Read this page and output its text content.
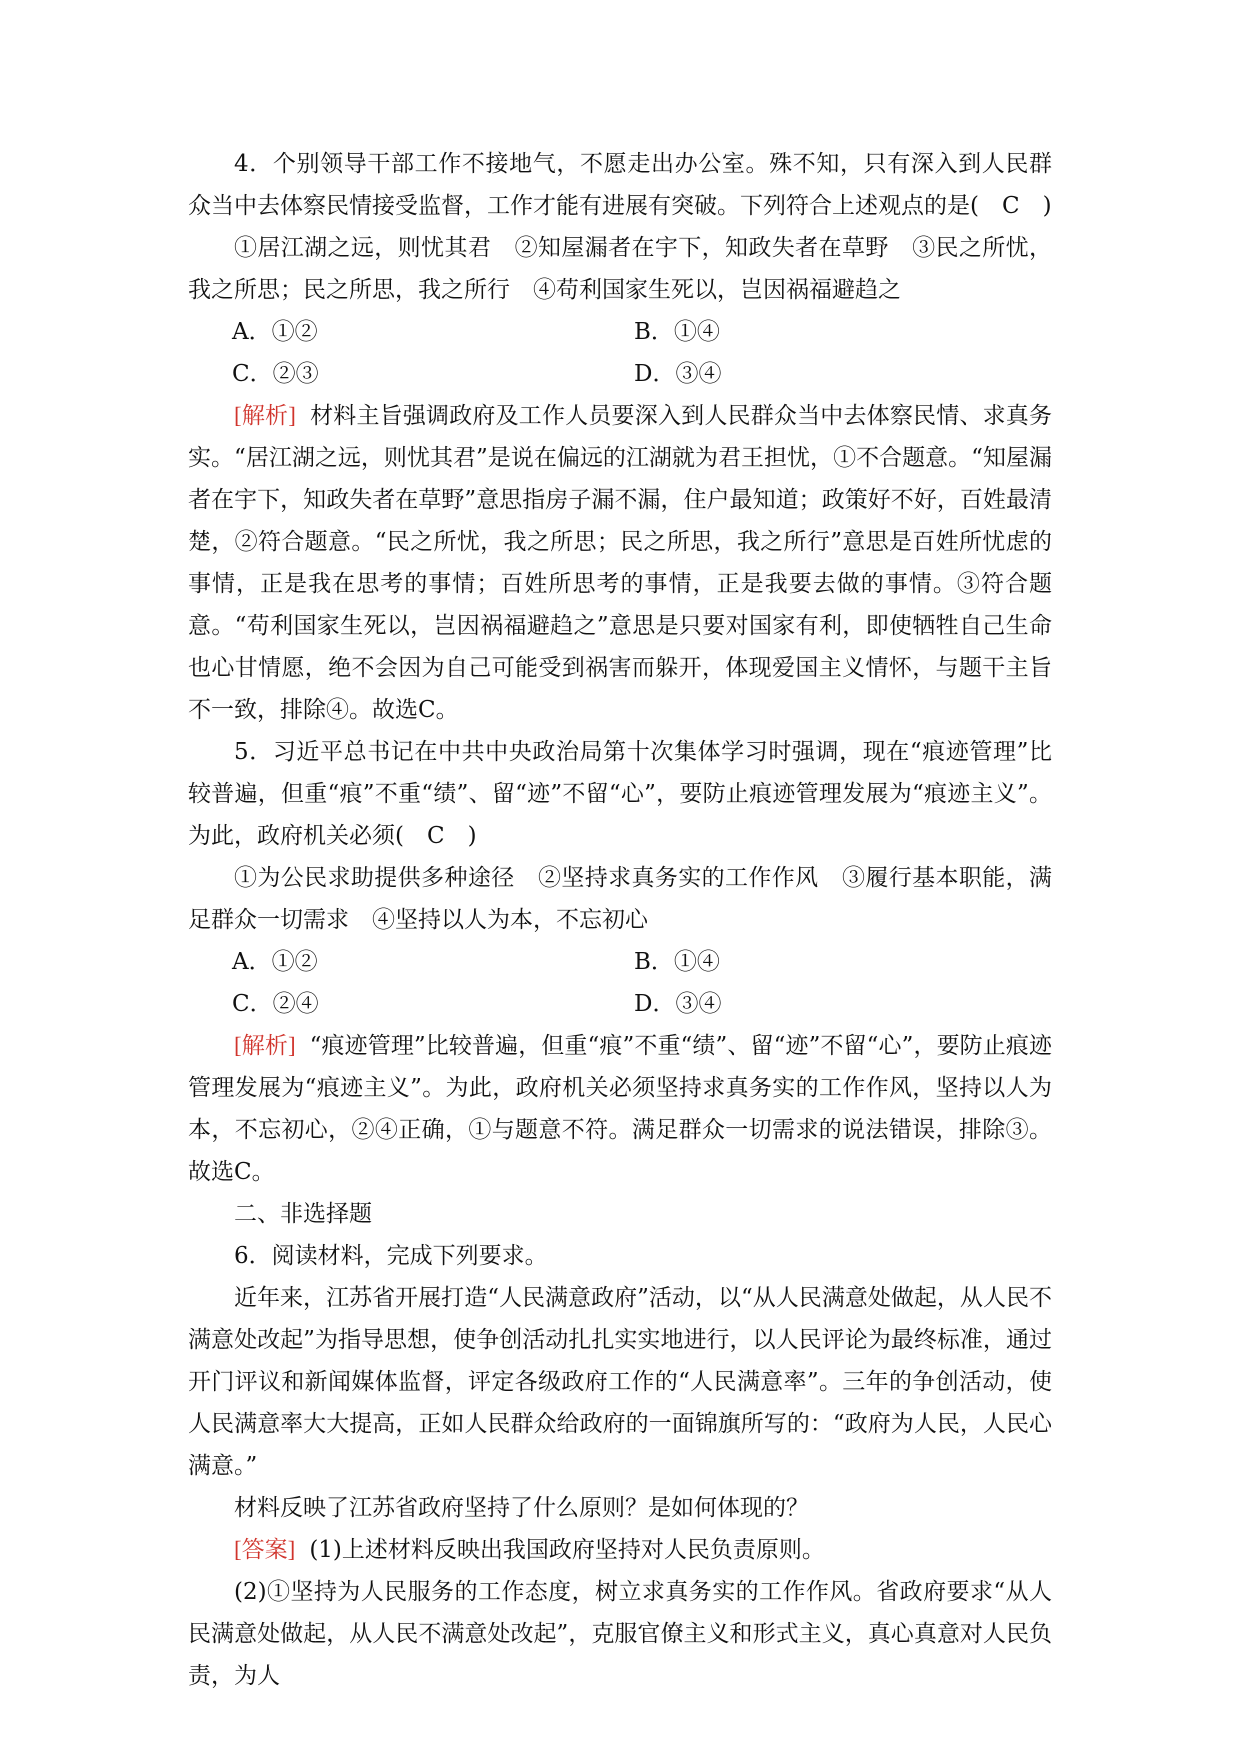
4．个别领导干部工作不接地气，不愿走出办公室。殊不知，只有深入到人民群众当中去体察民情接受监督，工作才能有进展有突破。下列符合上述观点的是(　C　)

①居江湖之远，则忧其君　②知屋漏者在宇下，知政失者在草野　③民之所忧，我之所思；民之所思，我之所行　④苟利国家生死以，岂因祸福避趋之

A．①②	B．①④
C．②③	D．③④

[解析] 材料主旨强调政府及工作人员要深入到人民群众当中去体察民情、求真务实。“居江湖之远，则忧其君”是说在偏远的江湖就为君王担忧，①不合题意。“知屋漏者在宇下，知政失者在草野”意思指房子漏不漏，住户最知道；政策好不好，百姓最清楚，②符合题意。“民之所忧，我之所思；民之所思，我之所行”意思是百姓所忧虑的事情，正是我在思考的事情；百姓所思考的事情，正是我要去做的事情。③符合题意。“苟利国家生死以，岂因祸福避趋之”意思是只要对国家有利，即使牺牲自己生命也心甘情愿，绝不会因为自己可能受到祸害而躲开，体现爱国主义情怀，与题干主旨不一致，排除④。故选C。

5．习近平总书记在中共中央政治局第十次集体学习时强调，现在“痕迹管理”比较普遍，但重“痕”不重“绩”、留“迹”不留“心”，要防止痕迹管理发展为“痕迹主义”。为此，政府机关必须(　C　)

①为公民求助提供多种途径　②坚持求真务实的工作作风　③履行基本职能，满足群众一切需求　④坚持以人为本，不忘初心

A．①②	B．①④
C．②④	D．③④

[解析] “痕迹管理”比较普遍，但重“痕”不重“绩”、留“迹”不留“心”，要防止痕迹管理发展为“痕迹主义”。为此，政府机关必须坚持求真务实的工作作风，坚持以人为本，不忘初心，②④正确，①与题意不符。满足群众一切需求的说法错误，排除③。故选C。

二、非选择题

6．阅读材料，完成下列要求。

近年来，江苏省开展打造“人民满意政府”活动，以“从人民满意处做起，从人民不满意处改起”为指导思想，使争创活动扎扎实实地进行，以人民评论为最终标准，通过开门评议和新闻媒体监督，评定各级政府工作的“人民满意率”。三年的争创活动，使人民满意率大大提高，正如人民群众给政府的一面锦旗所写的：“政府为人民，人民心满意。”

材料反映了江苏省政府坚持了什么原则？是如何体现的？

[答案] (1)上述材料反映出我国政府坚持对人民负责原则。

(2)①坚持为人民服务的工作态度，树立求真务实的工作作风。省政府要求“从人民满意处做起，从人民不满意处改起”，克服官僚主义和形式主义，真心真意对人民负责，为人
